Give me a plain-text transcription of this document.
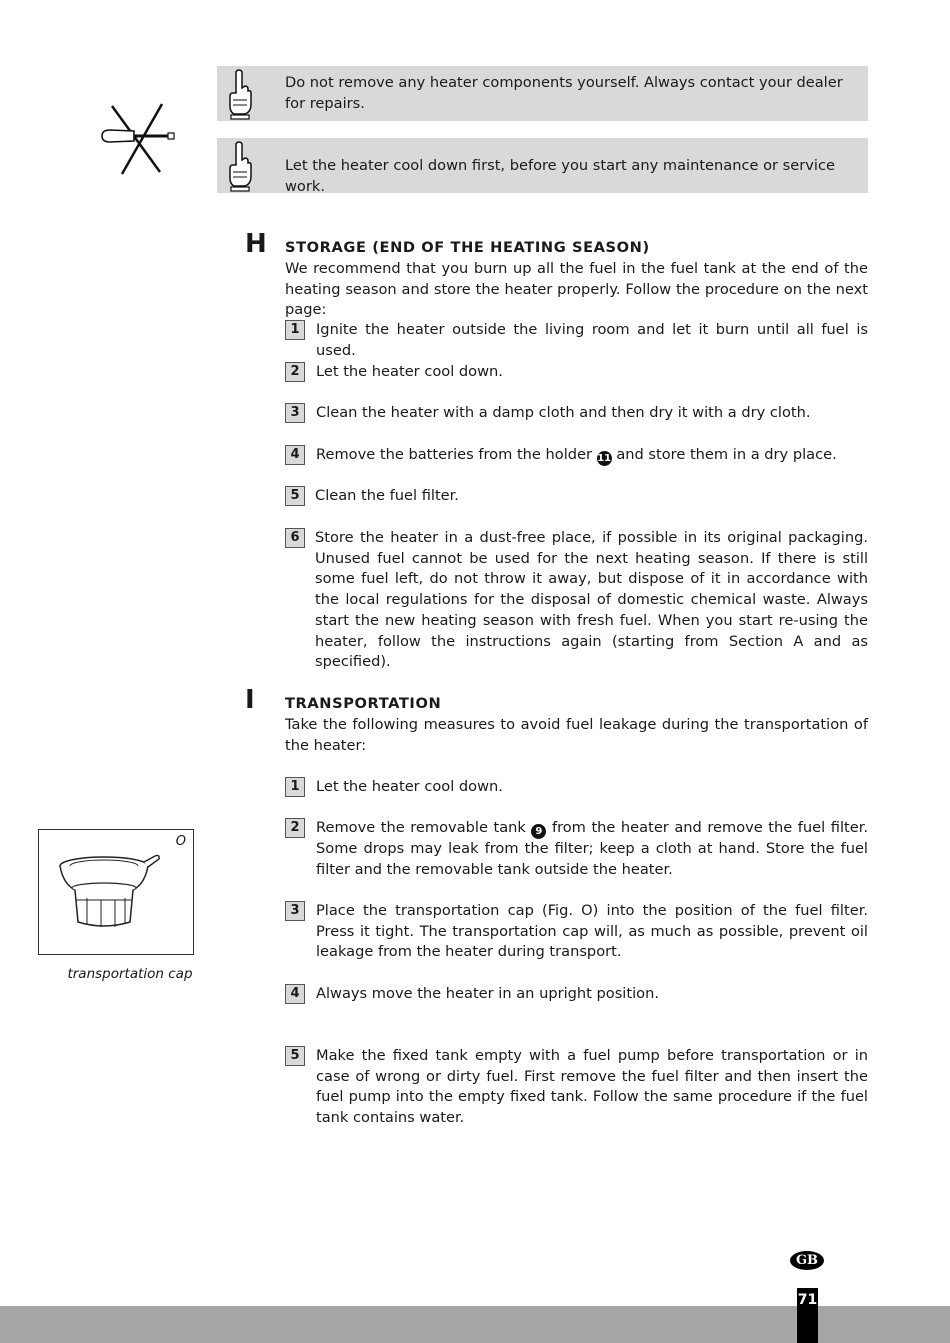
Do not remove any heater components yourself. Always contact your dealer for repairs.
Let the heater cool down first, before you start any maintenance or service work.
H STORAGE (END OF THE HEATING SEASON)
We recommend that you burn up all the fuel in the fuel tank at the end of the heating season and store the heater properly. Follow the procedure on the next page:
1	Ignite the heater outside the living room and let it burn until all fuel is used.
2	Let the heater cool down.
3	Clean the heater with a damp cloth and then dry it with a dry cloth.
4	Remove the batteries from the holder 11 and store them in a dry place.
5	Clean the fuel filter.
6	Store the heater in a dust-free place, if possible in its original packaging. Unused fuel cannot be used for the next heating season. If there is still some fuel left, do not throw it away, but dispose of it in accordance with the local regulations for the disposal of domestic chemical waste. Always start the new heating season with fresh fuel. When you start re-using the heater, follow the instructions again (starting from Section A and as specified).
I TRANSPORTATION
Take the following measures to avoid fuel leakage during the transportation of the heater:
1	Let the heater cool down.
2	Remove the removable tank 9 from the heater and remove the fuel filter. Some drops may leak from the filter; keep a cloth at hand. Store the fuel filter and the removable tank outside the heater.
3	Place the transportation cap (Fig. O) into the position of the fuel filter. Press it tight. The transportation cap will, as much as possible, prevent oil leakage from the heater during transport.
4	Always move the heater in an upright position.
5	Make the fixed tank empty with a fuel pump before transportation or in case of wrong or dirty fuel. First remove the fuel filter and then insert the fuel pump into the empty fixed tank. Follow the same procedure if the fuel tank contains water.
O
transportation cap
GB
71
